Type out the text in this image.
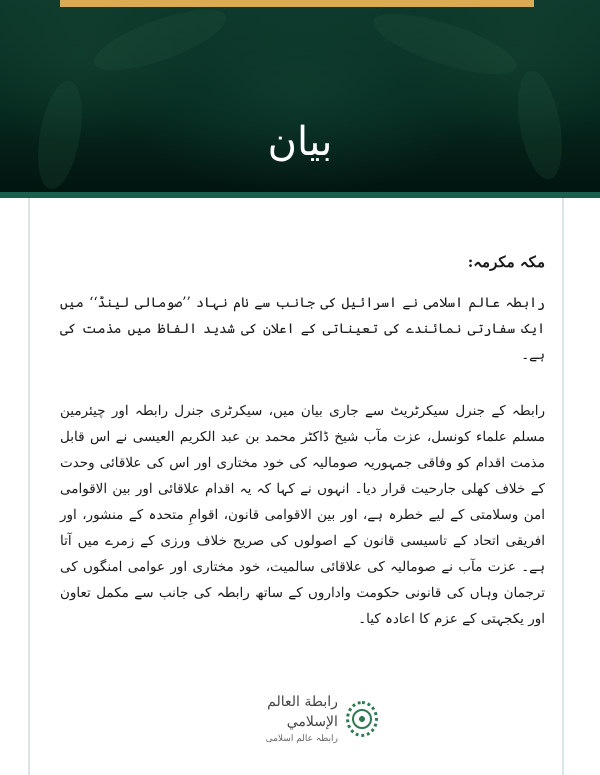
بیان
مکہ مکرمہ:

رابطہ عالم اسلامی نے اسرائیل کی جانب سے نام نہاد ’’صومالی لینڈ‘‘ میں ایک سفارتی نمائندے کی تعیناتی کے اعلان کی شدید الفاظ میں مذمت کی ہے۔

رابطہ کے جنرل سیکرٹریٹ سے جاری بیان میں، سیکرٹری جنرل رابطہ اور چیئرمین مسلم علماء کونسل، عزت مآب شیخ ڈاکٹر محمد بن عبد الکریم العیسی نے اس قابل مذمت اقدام کو وفاقی جمہوریہ صومالیہ کی خود مختاری اور اس کی علاقائی وحدت کے خلاف کھلی جارحیت قرار دیا۔ انہوں نے کہا کہ یہ اقدام علاقائی اور بین الاقوامی امن وسلامتی کے لیے خطرہ ہے، اور بین الاقوامی قانون، اقوامِ متحدہ کے منشور، اور افریقی اتحاد کے تاسیسی قانون کے اصولوں کی صریح خلاف ورزی کے زمرے میں آتا ہے۔ عزت مآب نے صومالیہ کی علاقائی سالمیت، خود مختاری اور عوامی امنگوں کی ترجمان وہاں کی قانونی حکومت واداروں کے ساتھ رابطہ کی جانب سے مکمل تعاون اور یکجہتی کے عزم کا اعادہ کیا۔

رابطة العالم الإسلامي
رابطہ عالم اسلامی
